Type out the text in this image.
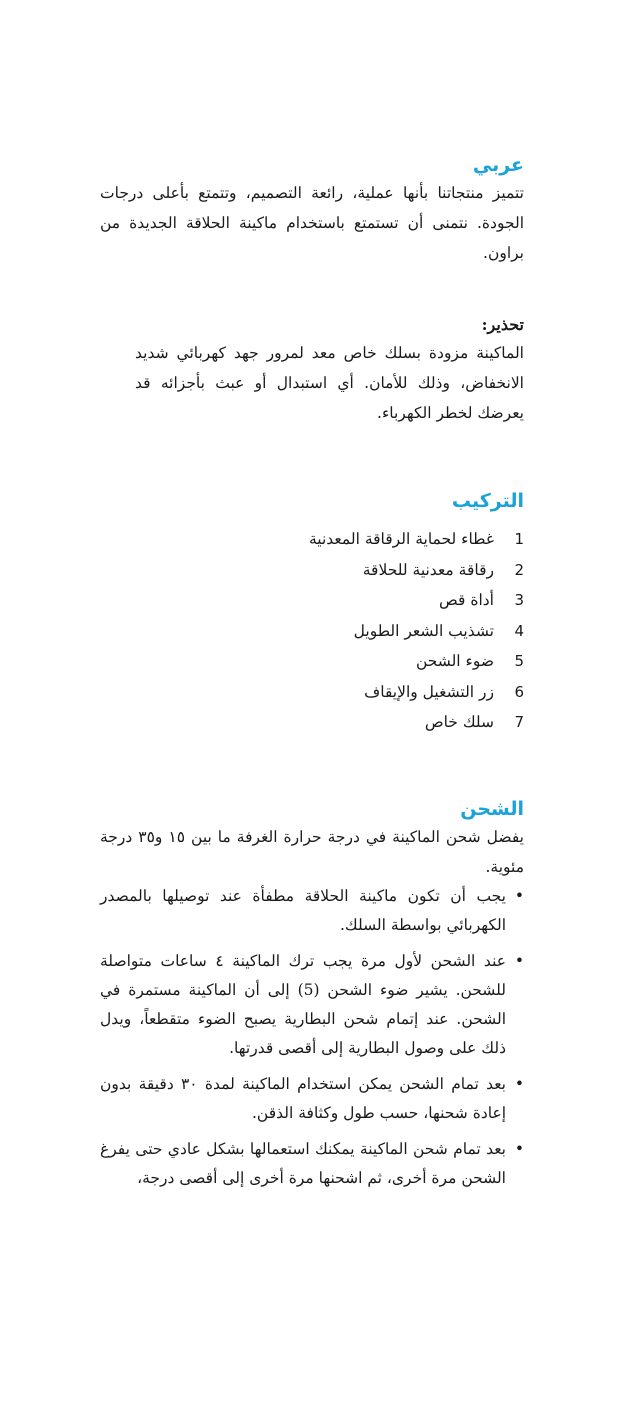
عربي

تتميز منتجاتنا بأنها عملية، رائعة التصميم، وتتمتع بأعلى درجات الجودة. نتمنى أن تستمتع باستخدام ماكينة الحلاقة الجديدة من براون.

تحذير:

الماكينة مزودة بسلك خاص معد لمرور جهد كهربائي شديد الانخفاض، وذلك للأمان. أي استبدال أو عبث بأجزائه قد يعرضك لخطر الكهرباء.

التركيب
1
غطاء لحماية الرقاقة المعدنية
2
رقاقة معدنية للحلاقة
3
أداة قص
4
تشذيب الشعر الطويل
5
ضوء الشحن
6
زر التشغيل والإيقاف
7
سلك خاص
الشحن

يفضل شحن الماكينة في درجة حرارة الغرفة ما بين ١٥ و٣٥ درجة مئوية.

•
يجب أن تكون ماكينة الحلاقة مطفأة عند توصيلها بالمصدر الكهربائي بواسطة السلك.
•
عند الشحن لأول مرة يجب ترك الماكينة ٤ ساعات متواصلة للشحن. يشير ضوء الشحن (5) إلى أن الماكينة مستمرة في الشحن. عند إتمام شحن البطارية يصبح الضوء متقطعاً، ويدل ذلك على وصول البطارية إلى أقصى قدرتها.
•
بعد تمام الشحن يمكن استخدام الماكينة لمدة ٣٠ دقيقة بدون إعادة شحنها، حسب طول وكثافة الذقن.
•
بعد تمام شحن الماكينة يمكنك استعمالها بشكل عادي حتى يفرغ الشحن مرة أخرى، ثم اشحنها مرة أخرى إلى أقصى درجة،
